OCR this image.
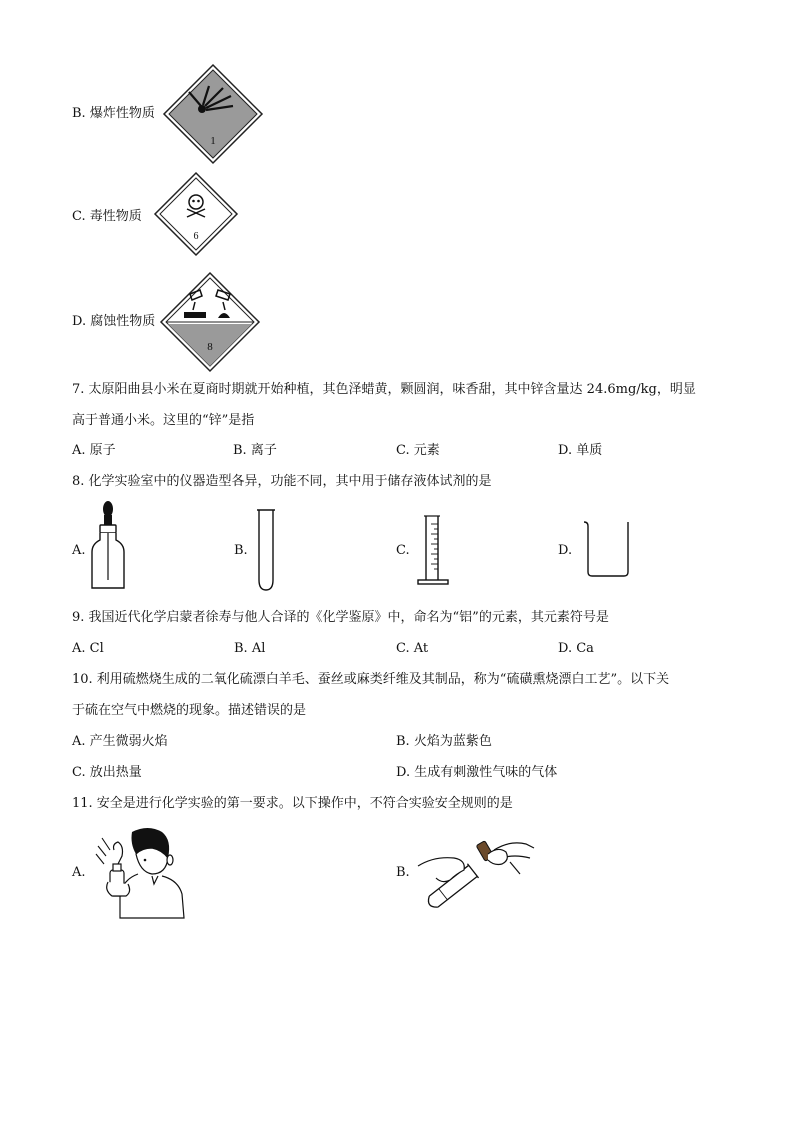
B. 爆炸性物质
1
C. 毒性物质
6
D. 腐蚀性物质
8
7. 太原阳曲县小米在夏商时期就开始种植，其色泽蜡黄，颗圆润，味香甜，其中锌含量达 24.6mg/kg，明显
高于普通小米。这里的“锌”是指
A. 原子	B. 离子	C. 元素	D. 单质
8. 化学实验室中的仪器造型各异，功能不同，其中用于储存液体试剂的是
A.	B.	C.	D.
9. 我国近代化学启蒙者徐寿与他人合译的《化学鉴原》中，命名为“铝”的元素，其元素符号是
A. Cl	B. Al	C. At	D. Ca
10. 利用硫燃烧生成的二氧化硫漂白羊毛、蚕丝或麻类纤维及其制品，称为“硫磺熏烧漂白工艺”。以下关
于硫在空气中燃烧的现象。描述错误的是
A. 产生微弱火焰	B. 火焰为蓝紫色
C. 放出热量	D. 生成有刺激性气味的气体
11. 安全是进行化学实验的第一要求。以下操作中，不符合实验安全规则的是
A.	B.
